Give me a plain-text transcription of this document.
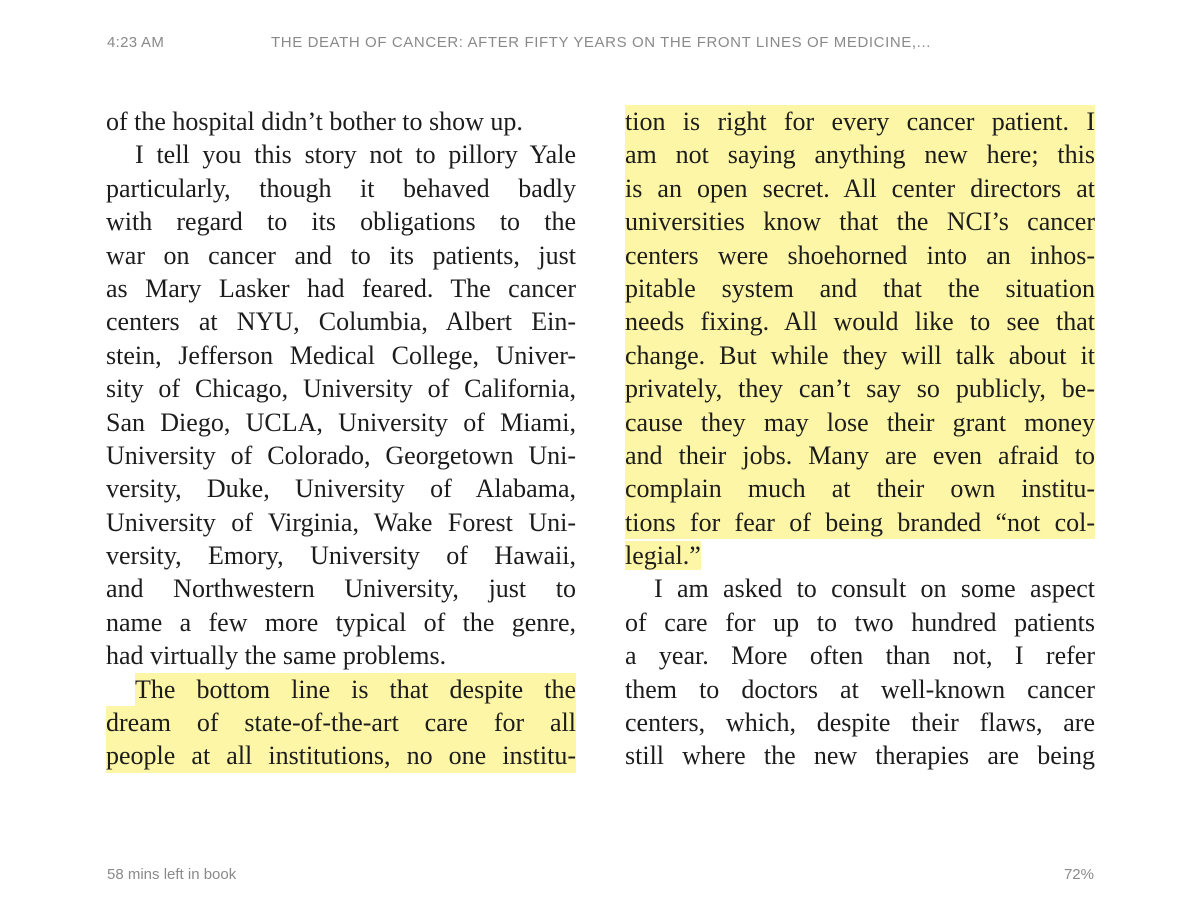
4:23 AM	THE DEATH OF CANCER: AFTER FIFTY YEARS ON THE FRONT LINES OF MEDICINE,...
of the hospital didn’t bother to show up.
I tell you this story not to pillory Yale
particularly, though it behaved badly
with regard to its obligations to the
war on cancer and to its patients, just
as Mary Lasker had feared. The cancer
centers at NYU, Columbia, Albert Ein-
stein, Jefferson Medical College, Univer-
sity of Chicago, University of California,
San Diego, UCLA, University of Miami,
University of Colorado, Georgetown Uni-
versity, Duke, University of Alabama,
University of Virginia, Wake Forest Uni-
versity, Emory, University of Hawaii,
and Northwestern University, just to
name a few more typical of the genre,
had virtually the same problems.
The bottom line is that despite the
dream of state-of-the-art care for all
people at all institutions, no one institu-
tion is right for every cancer patient. I
am not saying anything new here; this
is an open secret. All center directors at
universities know that the NCI’s cancer
centers were shoehorned into an inhos-
pitable system and that the situation
needs fixing. All would like to see that
change. But while they will talk about it
privately, they can’t say so publicly, be-
cause they may lose their grant money
and their jobs. Many are even afraid to
complain much at their own institu-
tions for fear of being branded “not col-
legial.”
I am asked to consult on some aspect
of care for up to two hundred patients
a year. More often than not, I refer
them to doctors at well-known cancer
centers, which, despite their flaws, are
still where the new therapies are being
58 mins left in book	72%
